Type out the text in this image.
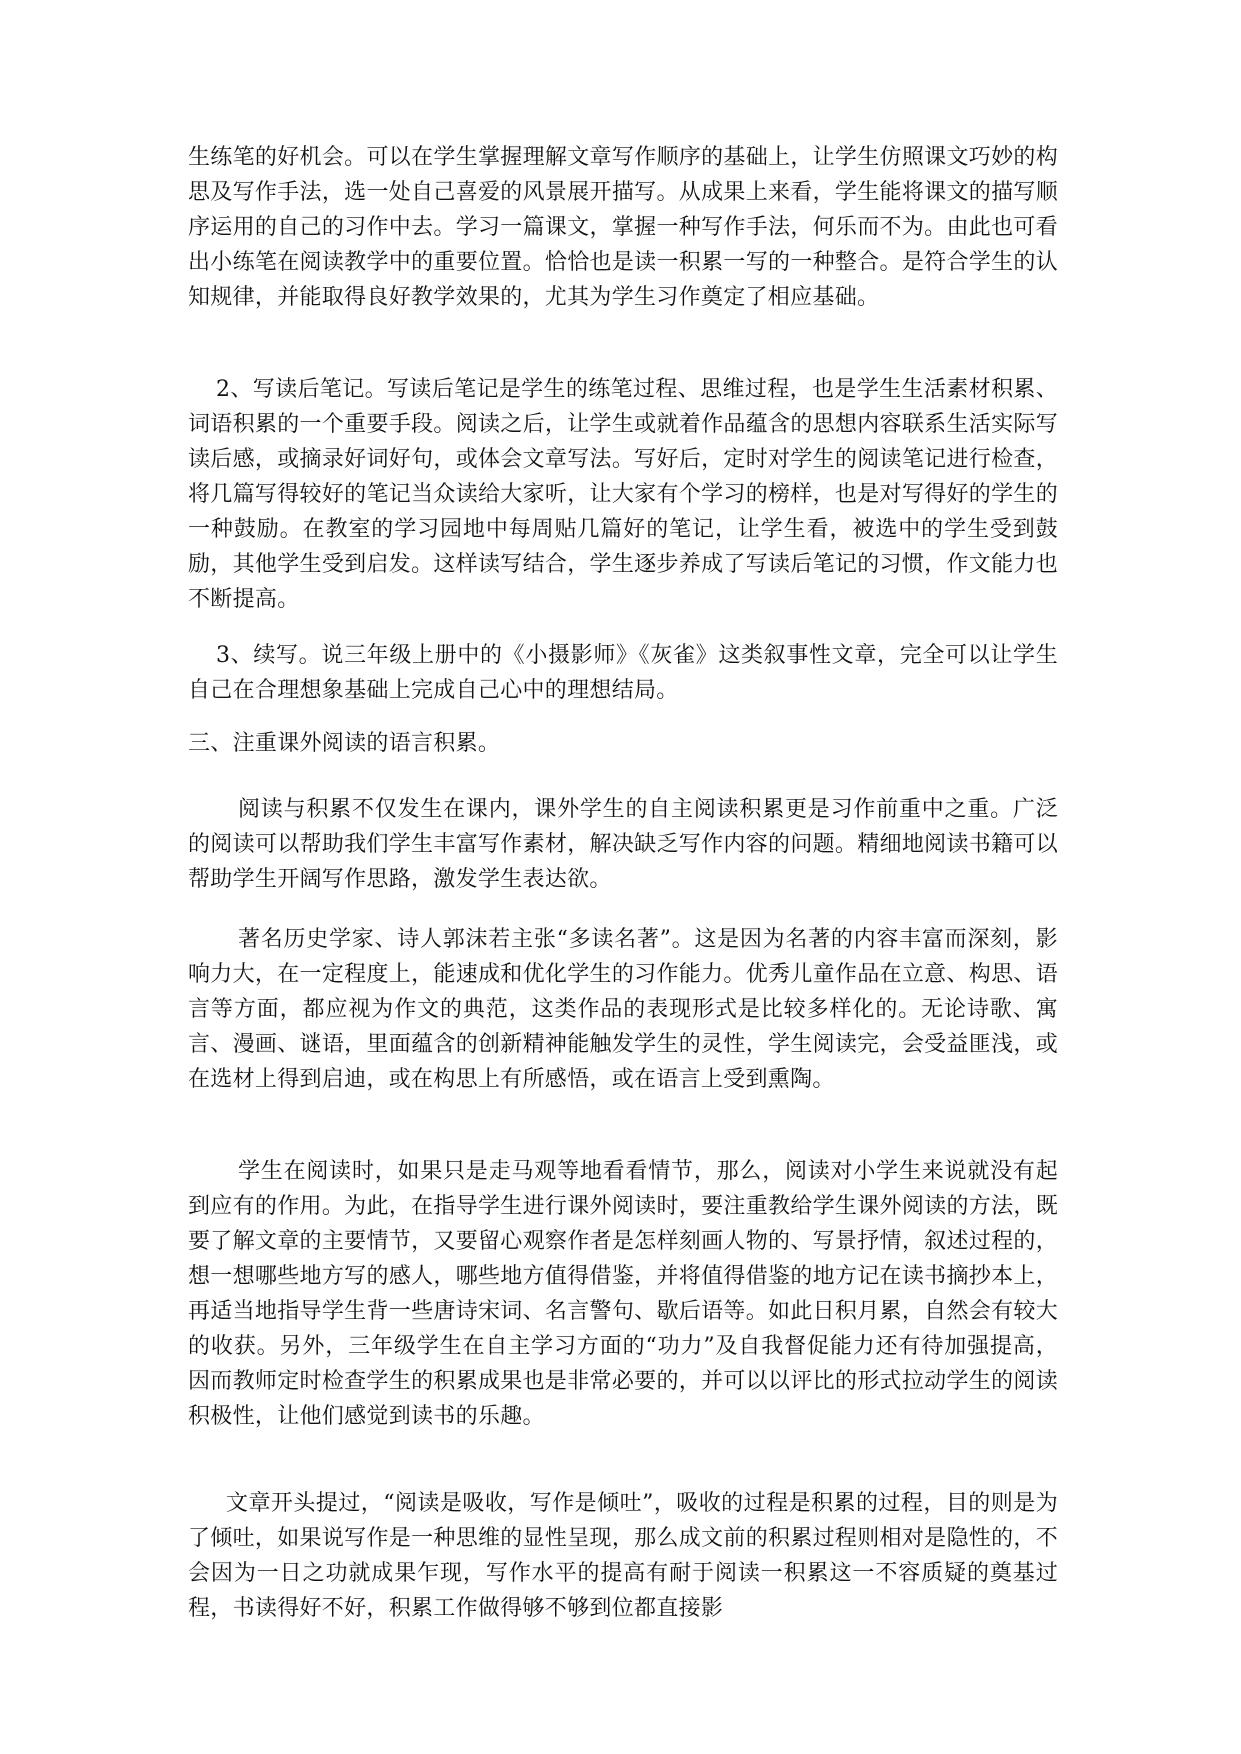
生练笔的好机会。可以在学生掌握理解文章写作顺序的基础上，让学生仿照课文巧妙的构思及写作手法，选一处自己喜爱的风景展开描写。从成果上来看，学生能将课文的描写顺序运用的自己的习作中去。学习一篇课文，掌握一种写作手法，何乐而不为。由此也可看出小练笔在阅读教学中的重要位置。恰恰也是读一积累一写的一种整合。是符合学生的认知规律，并能取得良好教学效果的，尤其为学生习作奠定了相应基础。

2、写读后笔记。写读后笔记是学生的练笔过程、思维过程，也是学生生活素材积累、词语积累的一个重要手段。阅读之后，让学生或就着作品蕴含的思想内容联系生活实际写读后感，或摘录好词好句，或体会文章写法。写好后，定时对学生的阅读笔记进行检查，将几篇写得较好的笔记当众读给大家听，让大家有个学习的榜样，也是对写得好的学生的一种鼓励。在教室的学习园地中每周贴几篇好的笔记，让学生看，被选中的学生受到鼓励，其他学生受到启发。这样读写结合，学生逐步养成了写读后笔记的习惯，作文能力也不断提高。

3、续写。说三年级上册中的《小摄影师》《灰雀》这类叙事性文章，完全可以让学生自己在合理想象基础上完成自己心中的理想结局。

三、注重课外阅读的语言积累。

阅读与积累不仅发生在课内，课外学生的自主阅读积累更是习作前重中之重。广泛的阅读可以帮助我们学生丰富写作素材，解决缺乏写作内容的问题。精细地阅读书籍可以帮助学生开阔写作思路，激发学生表达欲。

著名历史学家、诗人郭沫若主张“多读名著”。这是因为名著的内容丰富而深刻，影响力大，在一定程度上，能速成和优化学生的习作能力。优秀儿童作品在立意、构思、语言等方面，都应视为作文的典范，这类作品的表现形式是比较多样化的。无论诗歌、寓言、漫画、谜语，里面蕴含的创新精神能触发学生的灵性，学生阅读完，会受益匪浅，或在选材上得到启迪，或在构思上有所感悟，或在语言上受到熏陶。

学生在阅读时，如果只是走马观等地看看情节，那么，阅读对小学生来说就没有起到应有的作用。为此，在指导学生进行课外阅读时，要注重教给学生课外阅读的方法，既要了解文章的主要情节，又要留心观察作者是怎样刻画人物的、写景抒情，叙述过程的，想一想哪些地方写的感人，哪些地方值得借鉴，并将值得借鉴的地方记在读书摘抄本上，再适当地指导学生背一些唐诗宋词、名言警句、歇后语等。如此日积月累，自然会有较大的收获。另外，三年级学生在自主学习方面的“功力”及自我督促能力还有待加强提高，因而教师定时检查学生的积累成果也是非常必要的，并可以以评比的形式拉动学生的阅读积极性，让他们感觉到读书的乐趣。

文章开头提过，“阅读是吸收，写作是倾吐”，吸收的过程是积累的过程，目的则是为了倾吐，如果说写作是一种思维的显性呈现，那么成文前的积累过程则相对是隐性的，不会因为一日之功就成果乍现，写作水平的提高有耐于阅读一积累这一不容质疑的奠基过程，书读得好不好，积累工作做得够不够到位都直接影
